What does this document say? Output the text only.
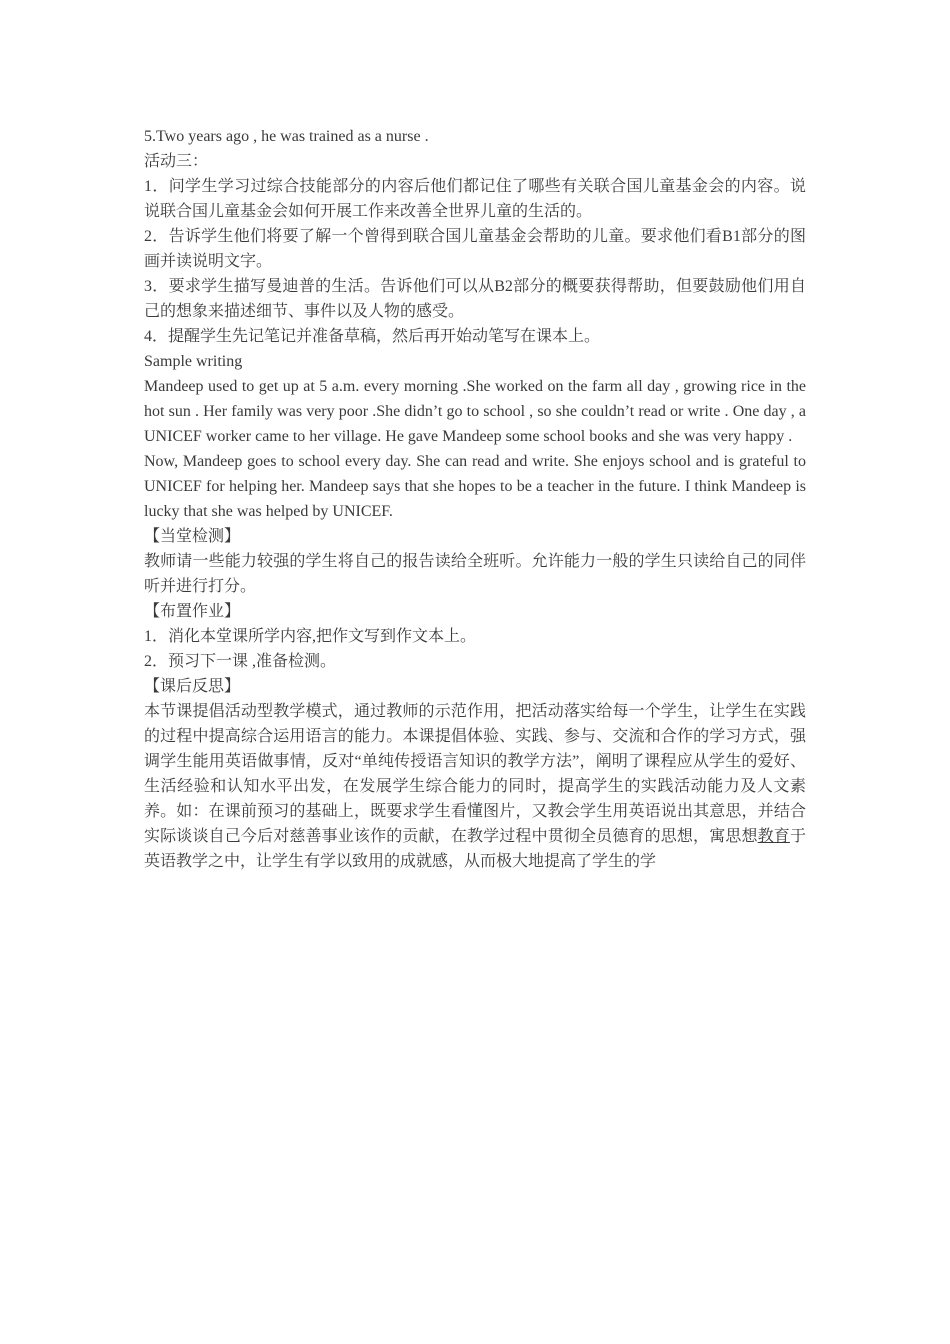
5.Two years ago , he was trained as a nurse .

活动三：

1．问学生学习过综合技能部分的内容后他们都记住了哪些有关联合国儿童基金会的内容。说说联合国儿童基金会如何开展工作来改善全世界儿童的生活的。

2．告诉学生他们将要了解一个曾得到联合国儿童基金会帮助的儿童。要求他们看B1部分的图画并读说明文字。

3．要求学生描写曼迪普的生活。告诉他们可以从B2部分的概要获得帮助，但要鼓励他们用自己的想象来描述细节、事件以及人物的感受。

4．提醒学生先记笔记并准备草稿，然后再开始动笔写在课本上。

Sample writing

Mandeep used to get up at 5 a.m. every morning .She worked on the farm all day , growing rice in the hot sun . Her family was very poor .She didn’t go to school , so she couldn’t read or write . One day , a UNICEF worker came to her village. He gave Mandeep some school books and she was very happy .

Now, Mandeep goes to school every day. She can read and write. She enjoys school and is grateful to UNICEF for helping her. Mandeep says that she hopes to be a teacher in the future. I think Mandeep is lucky that she was helped by UNICEF.

【当堂检测】

教师请一些能力较强的学生将自己的报告读给全班听。允许能力一般的学生只读给自己的同伴听并进行打分。

【布置作业】

1．消化本堂课所学内容,把作文写到作文本上。

2．预习下一课 ,准备检测。

【课后反思】

本节课提倡活动型教学模式，通过教师的示范作用，把活动落实给每一个学生，让学生在实践的过程中提高综合运用语言的能力。本课提倡体验、实践、参与、交流和合作的学习方式，强调学生能用英语做事情，反对“单纯传授语言知识的教学方法”，阐明了课程应从学生的爱好、生活经验和认知水平出发，在发展学生综合能力的同时，提高学生的实践活动能力及人文素养。如：在课前预习的基础上，既要求学生看懂图片，又教会学生用英语说出其意思，并结合实际谈谈自己今后对慈善事业该作的贡献，在教学过程中贯彻全员德育的思想，寓思想教育于英语教学之中，让学生有学以致用的成就感，从而极大地提高了学生的学
